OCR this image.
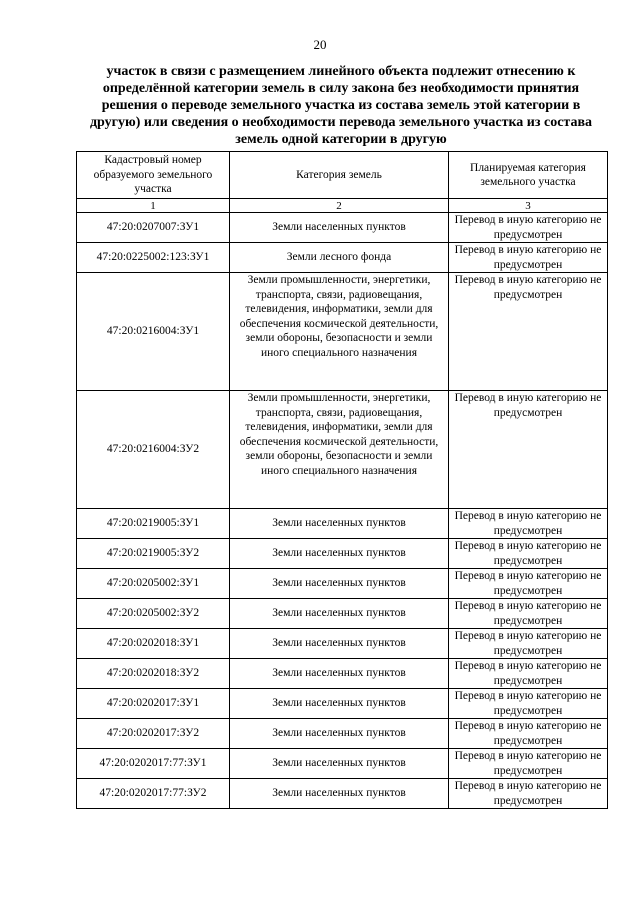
20

участок в связи с размещением линейного объекта подлежит отнесению к определённой категории земель в силу закона без необходимости принятия решения о переводе земельного участка из состава земель этой категории в другую) или сведения о необходимости перевода земельного участка из состава земель одной категории в другую

Кадастровый номер образуемого земельного участка	Категория земель	Планируемая категория земельного участка
1	2	3
47:20:0207007:ЗУ1	Земли населенных пунктов	Перевод в иную категорию не предусмотрен
47:20:0225002:123:ЗУ1	Земли лесного фонда	Перевод в иную категорию не предусмотрен
47:20:0216004:ЗУ1	Земли промышленности, энергетики, транспорта, связи, радиовещания, телевидения, информатики, земли для обеспечения космической деятельности, земли обороны, безопасности и земли иного специального назначения	Перевод в иную категорию не предусмотрен
47:20:0216004:ЗУ2	Земли промышленности, энергетики, транспорта, связи, радиовещания, телевидения, информатики, земли для обеспечения космической деятельности, земли обороны, безопасности и земли иного специального назначения	Перевод в иную категорию не предусмотрен
47:20:0219005:ЗУ1	Земли населенных пунктов	Перевод в иную категорию не предусмотрен
47:20:0219005:ЗУ2	Земли населенных пунктов	Перевод в иную категорию не предусмотрен
47:20:0205002:ЗУ1	Земли населенных пунктов	Перевод в иную категорию не предусмотрен
47:20:0205002:ЗУ2	Земли населенных пунктов	Перевод в иную категорию не предусмотрен
47:20:0202018:ЗУ1	Земли населенных пунктов	Перевод в иную категорию не предусмотрен
47:20:0202018:ЗУ2	Земли населенных пунктов	Перевод в иную категорию не предусмотрен
47:20:0202017:ЗУ1	Земли населенных пунктов	Перевод в иную категорию не предусмотрен
47:20:0202017:ЗУ2	Земли населенных пунктов	Перевод в иную категорию не предусмотрен
47:20:0202017:77:ЗУ1	Земли населенных пунктов	Перевод в иную категорию не предусмотрен
47:20:0202017:77:ЗУ2	Земли населенных пунктов	Перевод в иную категорию не предусмотрен
